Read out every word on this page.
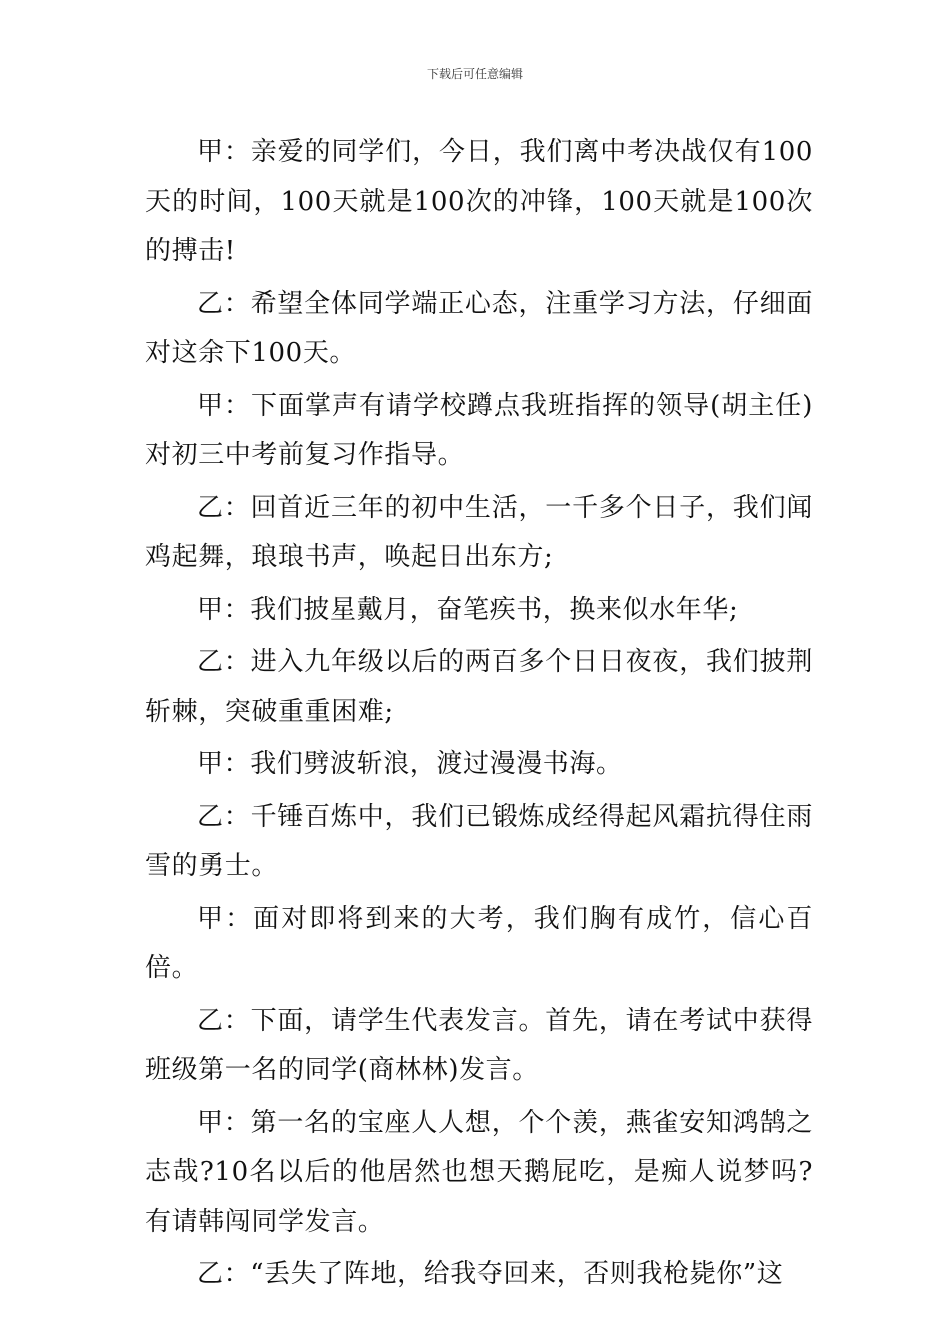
下载后可任意编辑

甲：亲爱的同学们，今日，我们离中考决战仅有100天的时间，100天就是100次的冲锋，100天就是100次的搏击!

乙：希望全体同学端正心态，注重学习方法，仔细面对这余下100天。

甲：下面掌声有请学校蹲点我班指挥的领导(胡主任)对初三中考前复习作指导。

乙：回首近三年的初中生活，一千多个日子，我们闻鸡起舞，琅琅书声，唤起日出东方;

甲：我们披星戴月，奋笔疾书，换来似水年华;

乙：进入九年级以后的两百多个日日夜夜，我们披荆斩棘，突破重重困难;

甲：我们劈波斩浪，渡过漫漫书海。

乙：千锤百炼中，我们已锻炼成经得起风霜抗得住雨雪的勇士。

甲：面对即将到来的大考，我们胸有成竹，信心百倍。

乙：下面，请学生代表发言。首先，请在考试中获得班级第一名的同学(商林林)发言。

甲：第一名的宝座人人想，个个羡，燕雀安知鸿鹄之志哉?10名以后的他居然也想天鹅屁吃，是痴人说梦吗?有请韩闯同学发言。

乙：“丢失了阵地，给我夺回来，否则我枪毙你”这
